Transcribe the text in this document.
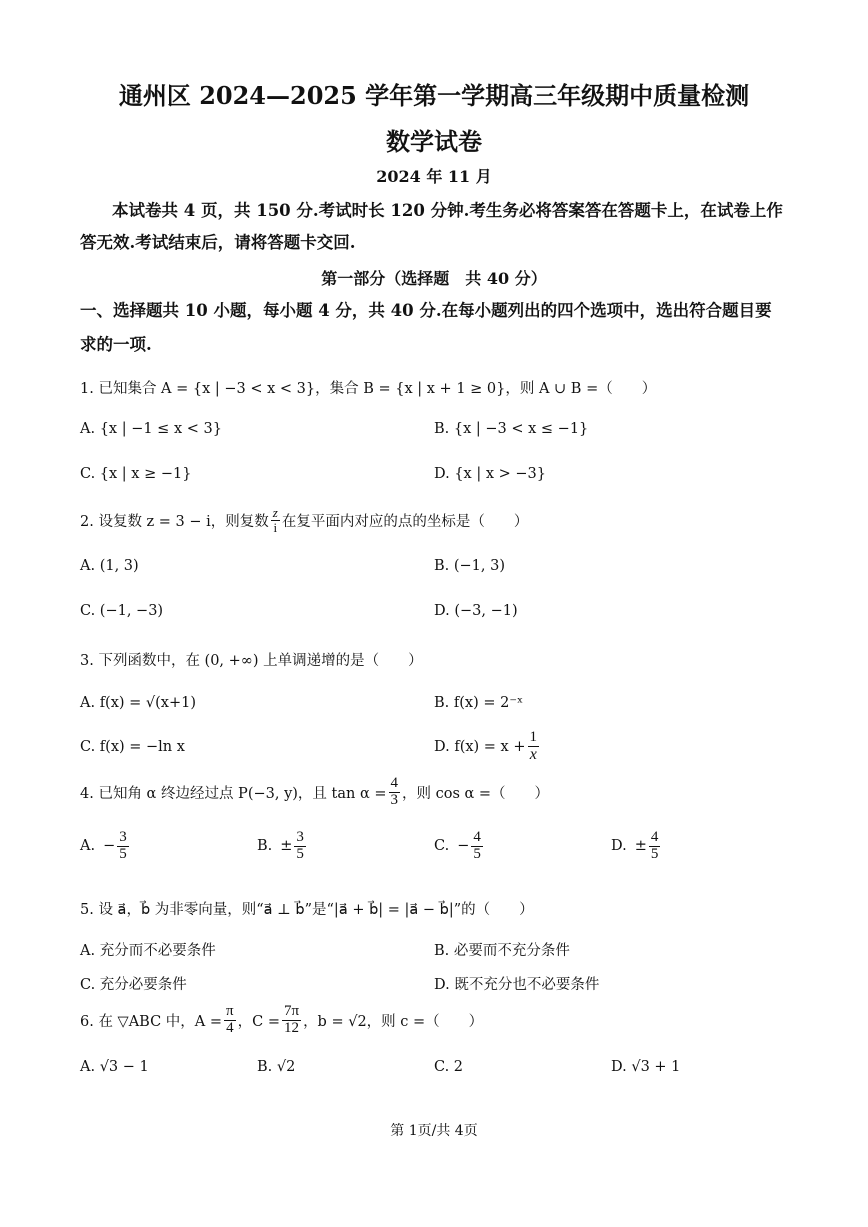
通州区 2024—2025 学年第一学期高三年级期中质量检测
数学试卷
2024 年 11 月
本试卷共 4 页，共 150 分.考试时长 120 分钟.考生务必将答案答在答题卡上，在试卷上作
答无效.考试结束后，请将答题卡交回.
第一部分（选择题　共 40 分）
一、选择题共 10 小题，每小题 4 分，共 40 分.在每小题列出的四个选项中，选出符合题目要
求的一项.
1. 已知集合 A = {x | −3 < x < 3}，集合 B = {x | x + 1 ≥ 0}，则 A ∪ B =（　　）
A. {x | −1 ≤ x < 3}	B. {x | −3 < x ≤ −1}
C. {x | x ≥ −1}	D. {x | x > −3}
2. 设复数 z = 3 − i，则复数 $\frac{z}{i}$ 在复平面内对应的点的坐标是（　　）
A. (1, 3)	B. (−1, 3)
C. (−1, −3)	D. (−3, −1)
3. 下列函数中，在 (0, +∞) 上单调递增的是（　　）
A. f(x) = √(x+1)	B. f(x) = 2⁻ˣ
C. f(x) = −ln x	D. $f(x) = x + \frac{1}{x}$
4. 已知角 α 终边经过点 P(−3, y)，且 $\tan \alpha = \frac{4}{3}$ ，则 cos α =（　　）
A. − $\frac{3}{5}$	B. ± $\frac{3}{5}$	C. − $\frac{4}{5}$	D. ± $\frac{4}{5}$
5. 设 a⃗，b⃗ 为非零向量，则“a⃗ ⊥ b⃗”是“|a⃗ + b⃗| = |a⃗ − b⃗|”的（　　）
A. 充分而不必要条件	B. 必要而不充分条件
C. 充分必要条件	D. 既不充分也不必要条件
6. 在 ▽ABC 中，$A = \frac{\pi}{4}$ ，$C = \frac{7\pi}{12}$ ，b = √2，则 c =（　　）
A. √3 − 1	B. √2	C. 2	D. √3 + 1
第 1页/共 4页
